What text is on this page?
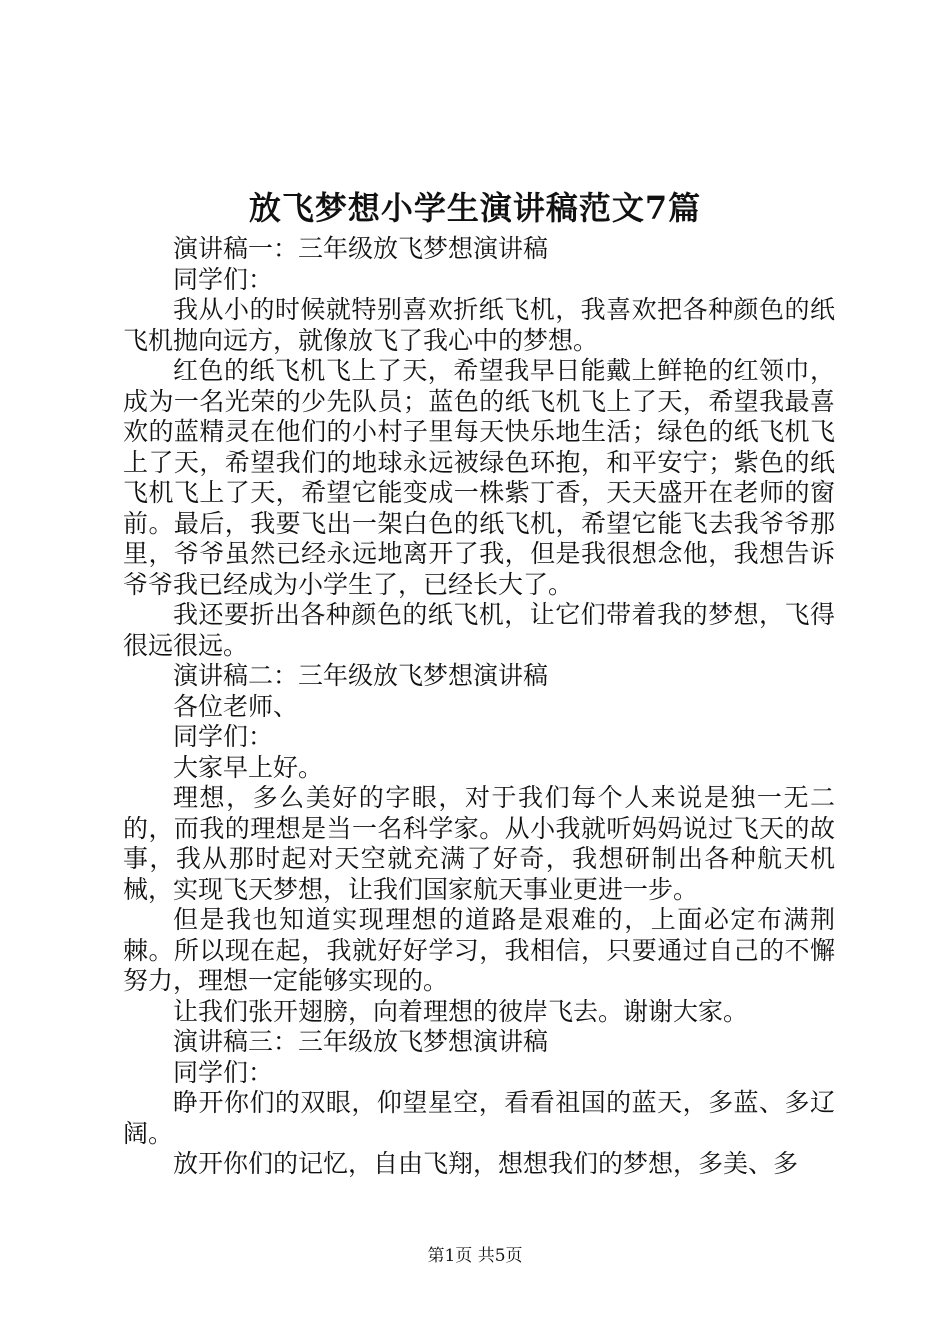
放飞梦想小学生演讲稿范文7篇

演讲稿一：三年级放飞梦想演讲稿

同学们：

我从小的时候就特别喜欢折纸飞机，我喜欢把各种颜色的纸飞机抛向远方，就像放飞了我心中的梦想。

红色的纸飞机飞上了天，希望我早日能戴上鲜艳的红领巾，成为一名光荣的少先队员；蓝色的纸飞机飞上了天，希望我最喜欢的蓝精灵在他们的小村子里每天快乐地生活；绿色的纸飞机飞上了天，希望我们的地球永远被绿色环抱，和平安宁；紫色的纸飞机飞上了天，希望它能变成一株紫丁香，天天盛开在老师的窗前。最后，我要飞出一架白色的纸飞机，希望它能飞去我爷爷那里，爷爷虽然已经永远地离开了我，但是我很想念他，我想告诉爷爷我已经成为小学生了，已经长大了。

我还要折出各种颜色的纸飞机，让它们带着我的梦想，飞得很远很远。

演讲稿二：三年级放飞梦想演讲稿

各位老师、

同学们：

大家早上好。

理想，多么美好的字眼，对于我们每个人来说是独一无二的，而我的理想是当一名科学家。从小我就听妈妈说过飞天的故事，我从那时起对天空就充满了好奇，我想研制出各种航天机械，实现飞天梦想，让我们国家航天事业更进一步。

但是我也知道实现理想的道路是艰难的，上面必定布满荆棘。所以现在起，我就好好学习，我相信，只要通过自己的不懈努力，理想一定能够实现的。

让我们张开翅膀，向着理想的彼岸飞去。谢谢大家。

演讲稿三：三年级放飞梦想演讲稿

同学们：

睁开你们的双眼，仰望星空，看看祖国的蓝天，多蓝、多辽阔。

放开你们的记忆，自由飞翔，想想我们的梦想，多美、多

第1页 共5页
